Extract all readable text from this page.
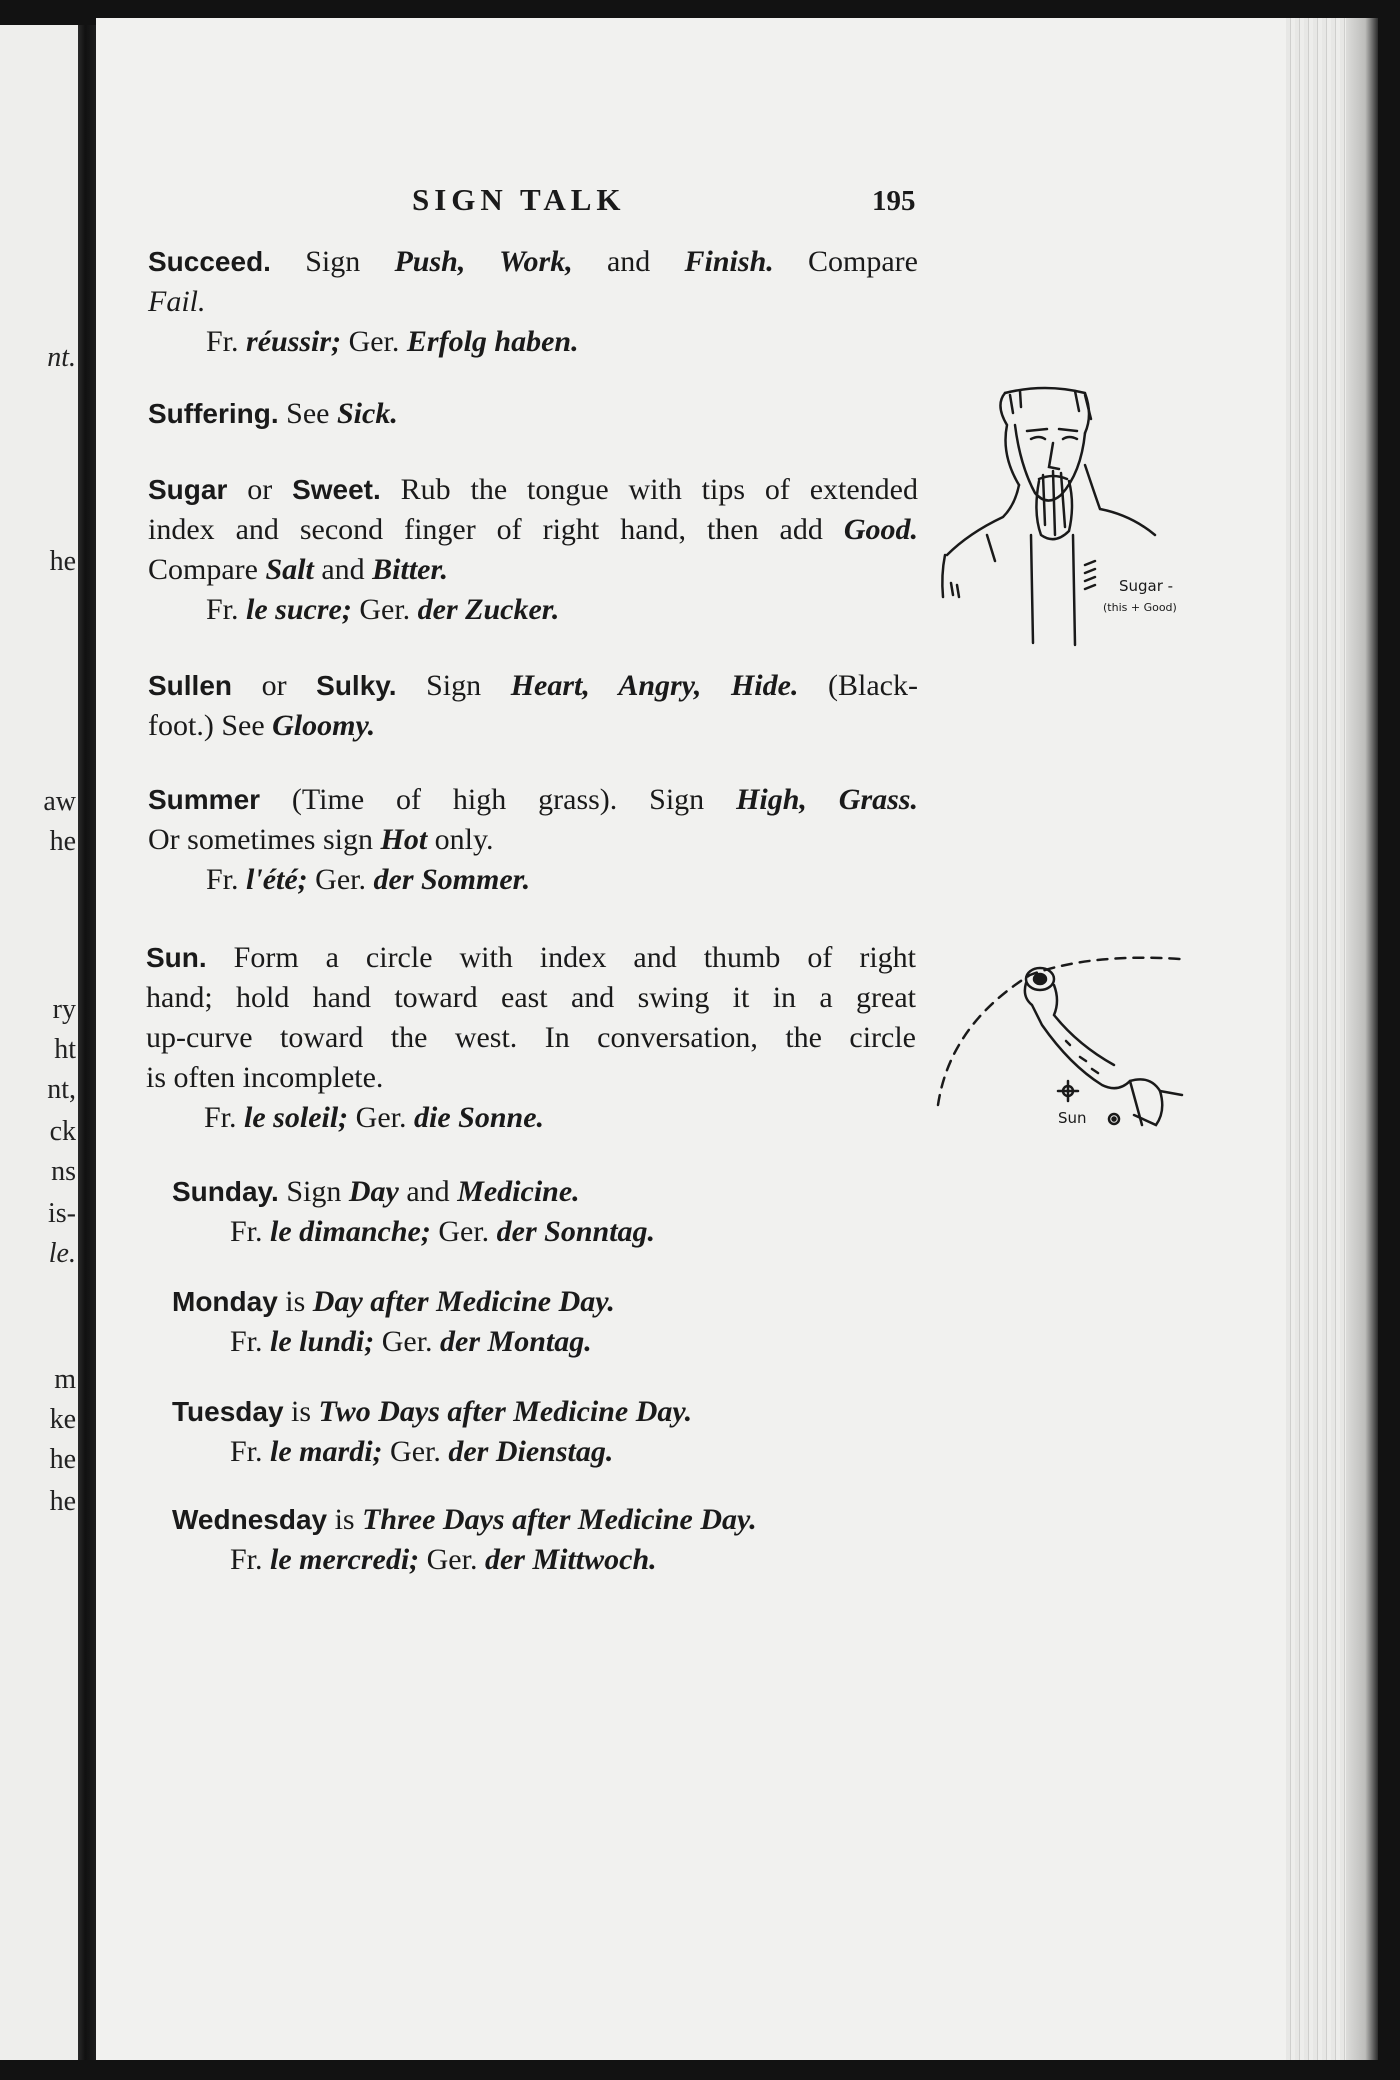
nt.
he
aw
he
ry
ht
nt,
ck
ns
is-
le.
m
ke
he
he
SIGN TALK	195
Succeed. Sign Push, Work, and Finish. Compare
Fail.
Fr. réussir; Ger. Erfolg haben.
Suffering. See Sick.
Sugar or Sweet. Rub the tongue with tips of extended
index and second finger of right hand, then add Good.
Compare Salt and Bitter.
Fr. le sucre; Ger. der Zucker.
Sullen or Sulky. Sign Heart, Angry, Hide. (Black-
foot.) See Gloomy.
Summer (Time of high grass). Sign High, Grass.
Or sometimes sign Hot only.
Fr. l'été; Ger. der Sommer.
Sun. Form a circle with index and thumb of right
hand; hold hand toward east and swing it in a great
up-curve toward the west. In conversation, the circle
is often incomplete.
Fr. le soleil; Ger. die Sonne.
Sunday. Sign Day and Medicine.
Fr. le dimanche; Ger. der Sonntag.
Monday is Day after Medicine Day.
Fr. le lundi; Ger. der Montag.
Tuesday is Two Days after Medicine Day.
Fr. le mardi; Ger. der Dienstag.
Wednesday is Three Days after Medicine Day.
Fr. le mercredi; Ger. der Mittwoch.
Sugar -
(this + Good)
Sun
